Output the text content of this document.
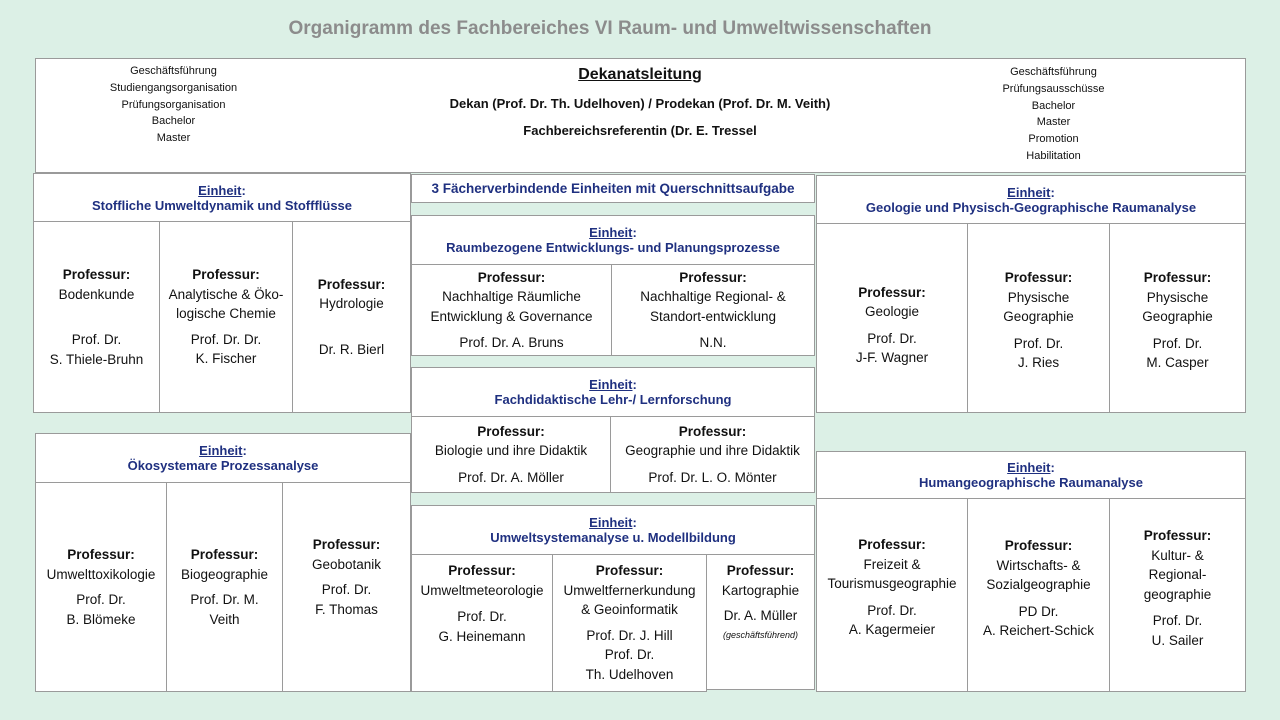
Organigramm des Fachbereiches VI Raum- und Umweltwissenschaften
Geschäftsführung
Studiengangsorganisation
Prüfungsorganisation
Bachelor
Master
Dekanatsleitung
Dekan (Prof. Dr. Th. Udelhoven) / Prodekan (Prof. Dr. M. Veith)
Fachbereichsreferentin (Dr. E. Tressel
Geschäftsführung
Prüfungsausschüsse
Bachelor
Master
Promotion
Habilitation
Einheit:
Stoffliche Umweltdynamik und Stoffflüsse
Professur:
Bodenkunde
Prof. Dr.
S. Thiele-Bruhn
Professur:
Analytische & Öko-
logische Chemie
Prof. Dr. Dr.
K. Fischer
Professur:
Hydrologie
Dr. R. Bierl
Einheit:
Ökosystemare Prozessanalyse
Professur:
Umwelttoxikologie
Prof. Dr.
B. Blömeke
Professur:
Biogeographie
Prof. Dr. M.
Veith
Professur:
Geobotanik
Prof. Dr.
F. Thomas
3 Fächerverbindende Einheiten mit Querschnittsaufgabe
Einheit:
Raumbezogene Entwicklungs- und Planungsprozesse
Professur:
Nachhaltige Räumliche
Entwicklung & Governance
Prof. Dr. A. Bruns
Professur:
Nachhaltige Regional- &
Standort-entwicklung
N.N.
Einheit:
Fachdidaktische Lehr-/ Lernforschung
Professur:
Biologie und ihre Didaktik
Prof. Dr. A. Möller
Professur:
Geographie und ihre Didaktik
Prof. Dr. L. O. Mönter
Einheit:
Umweltsystemanalyse u. Modellbildung
Professur:
Umweltmeteorologie
Prof. Dr.
G. Heinemann
Professur:
Umweltfernerkundung
& Geoinformatik
Prof. Dr. J. Hill
Prof. Dr.
Th. Udelhoven
Professur:
Kartographie
Dr. A. Müller
(geschäftsführend)
Einheit:
Geologie und Physisch-Geographische Raumanalyse
Professur:
Geologie
Prof. Dr.
J-F. Wagner
Professur:
Physische
Geographie
Prof. Dr.
J. Ries
Professur:
Physische
Geographie
Prof. Dr.
M. Casper
Einheit:
Humangeographische Raumanalyse
Professur:
Freizeit &
Tourismusgeographie
Prof. Dr.
A. Kagermeier
Professur:
Wirtschafts- &
Sozialgeographie
PD Dr.
A. Reichert-Schick
Professur:
Kultur- &
Regional-
geographie
Prof. Dr.
U. Sailer
